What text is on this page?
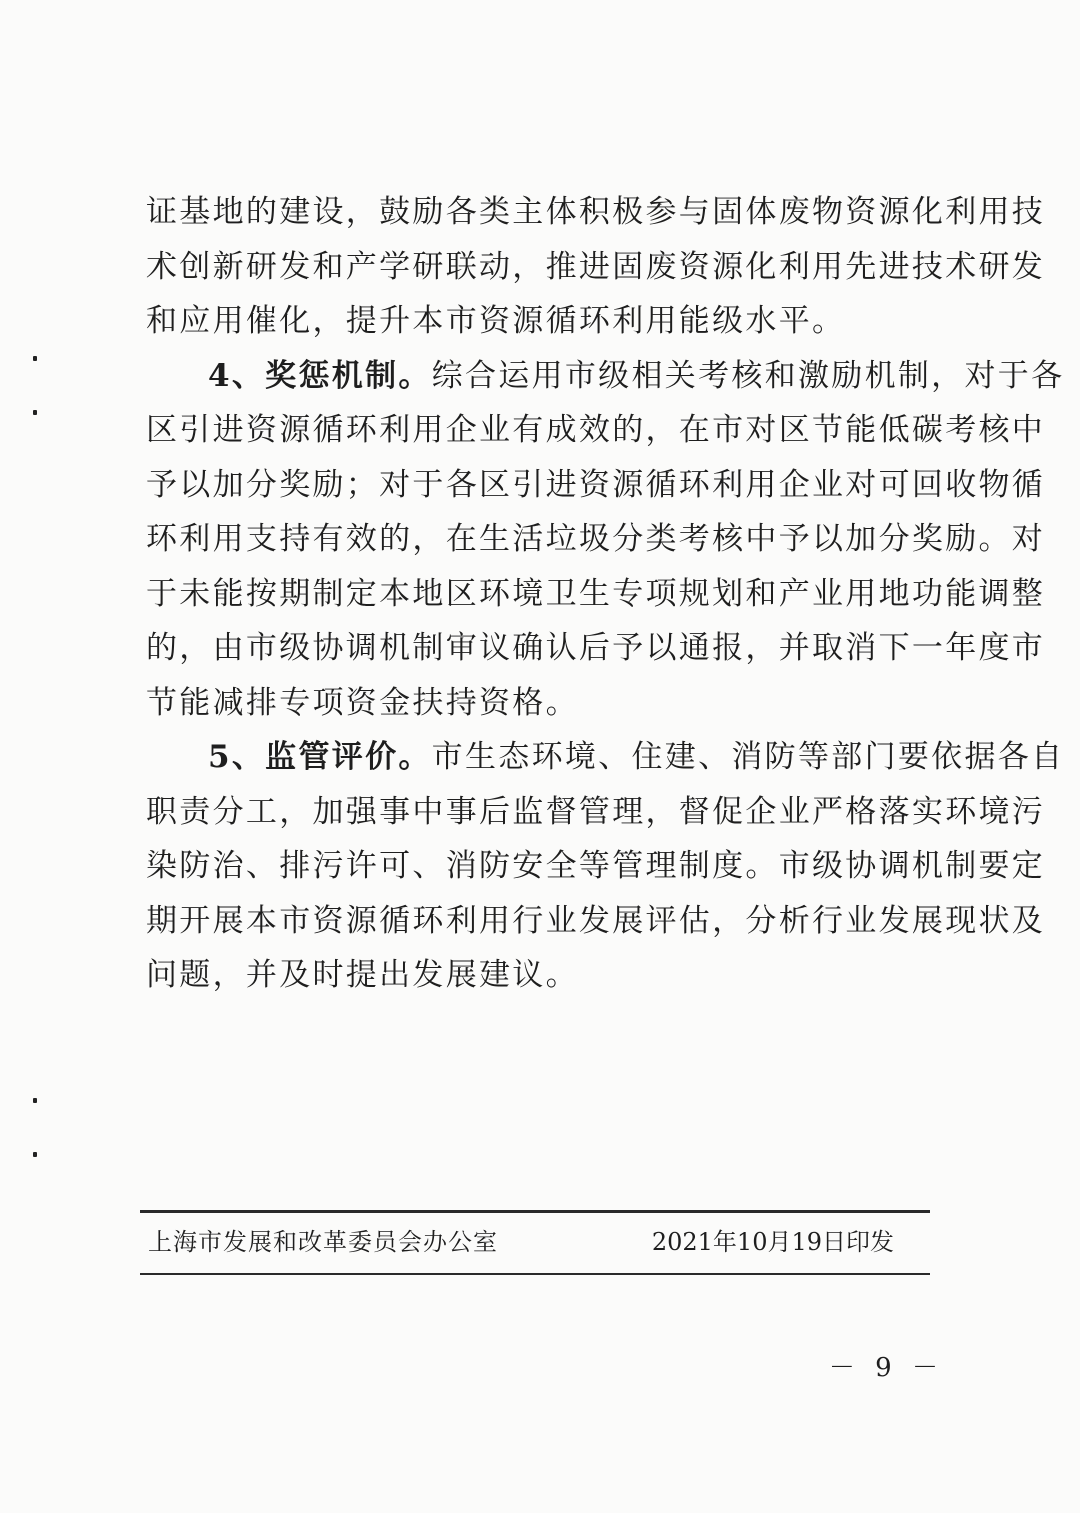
证基地的建设，鼓励各类主体积极参与固体废物资源化利用技
术创新研发和产学研联动，推进固废资源化利用先进技术研发
和应用催化，提升本市资源循环利用能级水平。
4、奖惩机制。综合运用市级相关考核和激励机制，对于各
区引进资源循环利用企业有成效的，在市对区节能低碳考核中
予以加分奖励；对于各区引进资源循环利用企业对可回收物循
环利用支持有效的，在生活垃圾分类考核中予以加分奖励。对
于未能按期制定本地区环境卫生专项规划和产业用地功能调整
的，由市级协调机制审议确认后予以通报，并取消下一年度市
节能减排专项资金扶持资格。
5、监管评价。市生态环境、住建、消防等部门要依据各自
职责分工，加强事中事后监督管理，督促企业严格落实环境污
染防治、排污许可、消防安全等管理制度。市级协调机制要定
期开展本市资源循环利用行业发展评估，分析行业发展现状及
问题，并及时提出发展建议。
上海市发展和改革委员会办公室	2021年10月19日印发
－ 9 －
